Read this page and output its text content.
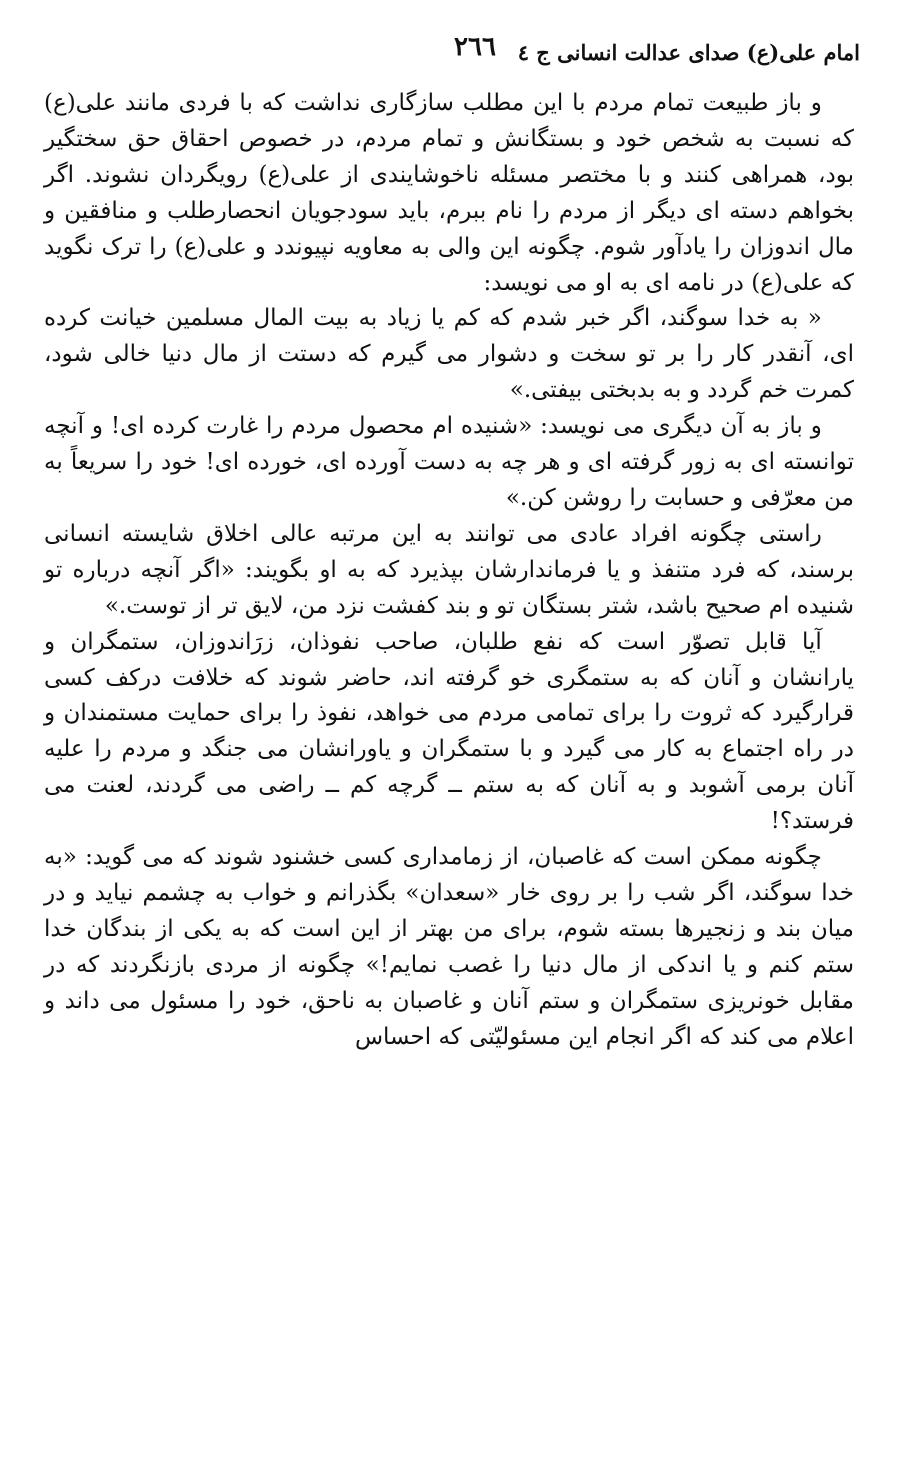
امام علی(ع) صدای عدالت انسانی ج ٤
٢٦٦

و باز طبیعت تمام مردم با این مطلب سازگاری نداشت که با فردی مانند علی(ع) که نسبت به شخص خود و بستگانش و تمام مردم، در خصوص احقاق حق سختگیر بود، همراهی کنند و با مختصر مسئله ناخوشایندی از علی(ع) رویگردان نشوند. اگر بخواهم دسته ای دیگر از مردم را نام ببرم، باید سودجویان انحصارطلب و منافقین و مال اندوزان را یادآور شوم. چگونه این والی به معاویه نپیوندد و علی(ع) را ترک نگوید که علی(ع) در نامه ای به او می نویسد:

« به خدا سوگند، اگر خبر شدم که کم یا زیاد به بیت المال مسلمین خیانت کرده ای، آنقدر کار را بر تو سخت و دشوار می گیرم که دستت از مال دنیا خالی شود، کمرت خم گردد و به بدبختی بیفتی.»

و باز به آن دیگری می نویسد: «شنیده ام محصول مردم را غارت کرده ای! و آنچه توانسته ای به زور گرفته ای و هر چه به دست آورده ای، خورده ای! خود را سریعاً به من معرّفی و حسابت را روشن کن.»

راستی چگونه افراد عادی می توانند به این مرتبه عالی اخلاق شایسته انسانی برسند، که فرد متنفذ و یا فرماندارشان بپذیرد که به او بگویند: «اگر آنچه درباره تو شنیده ام صحیح باشد، شتر بستگان تو و بند کفشت نزد من، لایق تر از توست.»

آیا قابل تصوّر است که نفع طلبان، صاحب نفوذان، زرَاندوزان، ستمگران و یارانشان و آنان که به ستمگری خو گرفته اند، حاضر شوند که خلافت درکف کسی قرارگیرد که ثروت را برای تمامی مردم می خواهد، نفوذ را برای حمایت مستمندان و در راه اجتماع به کار می گیرد و با ستمگران و یاورانشان می جنگد و مردم را علیه آنان برمی آشوبد و به آنان که به ستم ــ گرچه کم ــ راضی می گردند، لعنت می فرستد؟!

چگونه ممکن است که غاصبان، از زمامداری کسی خشنود شوند که می گوید: «به خدا سوگند، اگر شب را بر روی خار «سعدان» بگذرانم و خواب به چشمم نیاید و در میان بند و زنجیرها بسته شوم، برای من بهتر از این است که به یکی از بندگان خدا ستم کنم و یا اندکی از مال دنیا را غصب نمایم!» چگونه از مردی بازنگردند که در مقابل خونریزی ستمگران و ستم آنان و غاصبان به ناحق، خود را مسئول می داند و اعلام می کند که اگر انجام این مسئولیّتی که احساس
